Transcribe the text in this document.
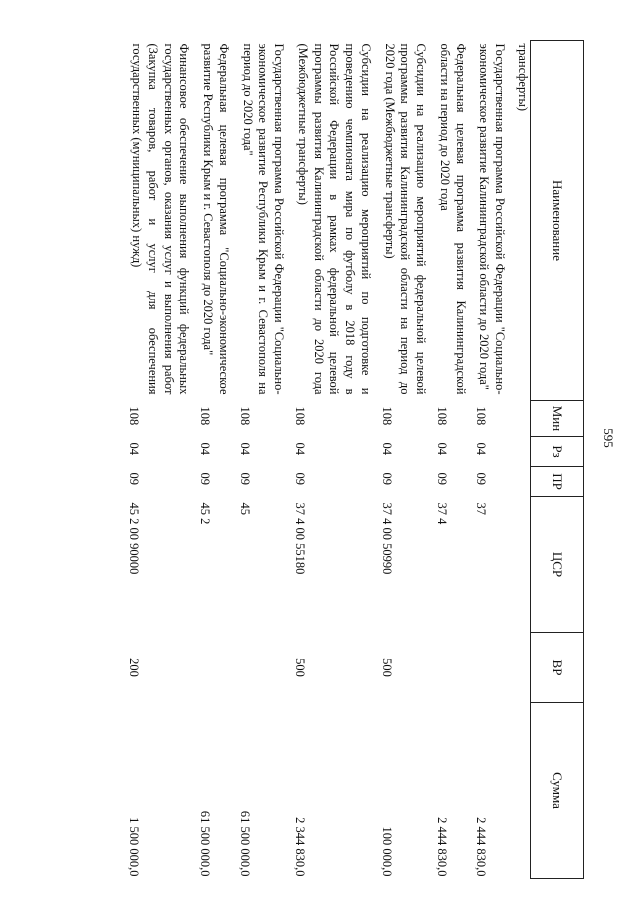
595
Наименование	Мин	Рз	ПР	ЦСР	ВР	Сумма
трансферты)						
Государственная программа Российской Федерации "Социально-экономическое развитие Калининградской области до 2020 года"	108	04	09	37		2 444 830,0
Федеральная целевая программа развития Калининградской области на период до 2020 года	108	04	09	37 4		2 444 830,0
Субсидии на реализацию мероприятий федеральной целевой программы развития Калининградской области на период до 2020 года (Межбюджетные трансферты)	108	04	09	37 4 00 50990	500	100 000,0
Субсидии на реализацию мероприятий по подготовке и проведению чемпионата мира по футболу в 2018 году в Российской Федерации в рамках федеральной целевой программы развития Калининградской области до 2020 года (Межбюджетные трансферты)	108	04	09	37 4 00 55180	500	2 344 830,0
Государственная программа Российской Федерации "Социально-экономическое развитие Республики Крым и г. Севастополя на период до 2020 года"	108	04	09	45		61 500 000,0
Федеральная целевая программа "Социально-экономическое развитие Республики Крым и г. Севастополя до 2020 года"	108	04	09	45 2		61 500 000,0
Финансовое обеспечение выполнения функций федеральных государственных органов, оказания услуг и выполнения работ (Закупка товаров, работ и услуг для обеспечения государственных (муниципальных) нужд)	108	04	09	45 2 00 90000	200	1 500 000,0
